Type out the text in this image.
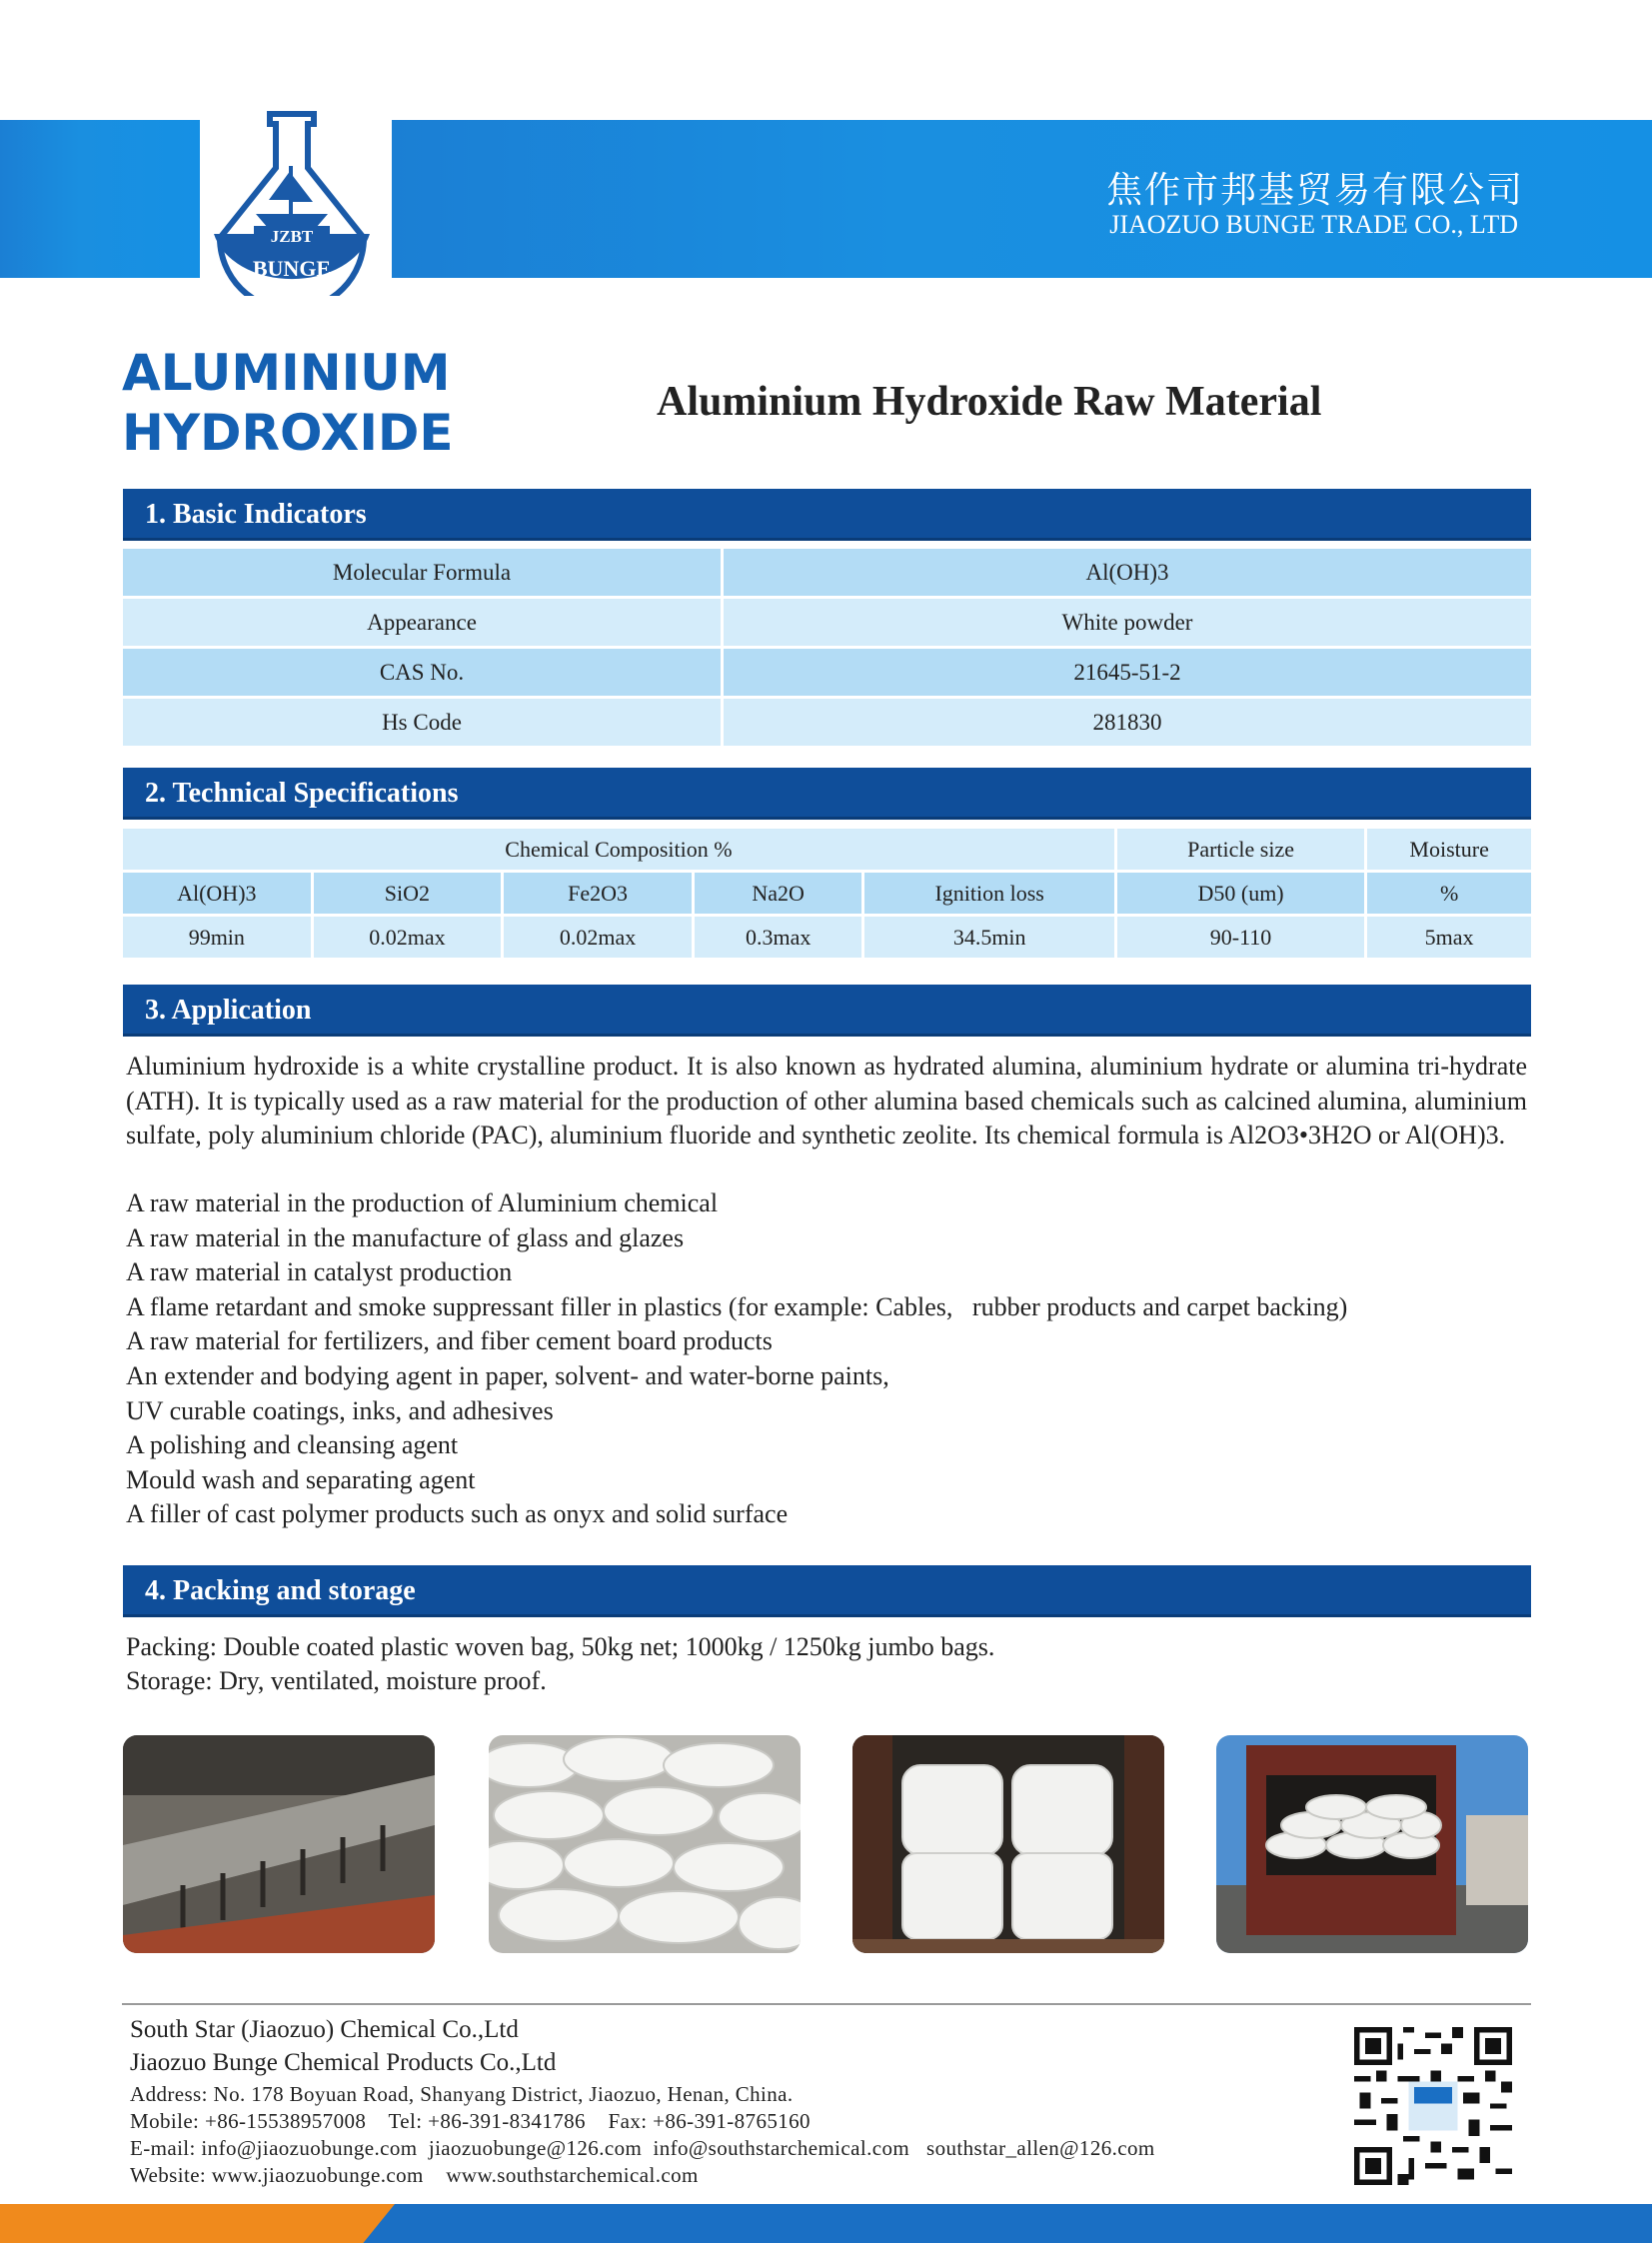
JZBT
BUNGE
焦作市邦基贸易有限公司
JIAOZUO BUNGE TRADE CO., LTD
ALUMINIUM
HYDROXIDE
Aluminium Hydroxide Raw Material
1. Basic Indicators
Molecular Formula	Al(OH)3
Appearance	White powder
CAS No.	21645-51-2
Hs Code	281830
2. Technical Specifications
Chemical Composition %					Particle size	Moisture
Al(OH)3	SiO2	Fe2O3	Na2O	Ignition loss	D50 (um)	%
99min	0.02max	0.02max	0.3max	34.5min	90-110	5max
3. Application
Aluminium hydroxide is a white crystalline product. It is also known as hydrated alumina, aluminium hydrate or alumina tri-hydrate (ATH). It is typically used as a raw material for the production of other alumina based chemicals such as calcined alumina, aluminium sulfate, poly aluminium chloride (PAC), aluminium fluoride and synthetic zeolite. Its chemical formula is Al2O3•3H2O or Al(OH)3.
A raw material in the production of Aluminium chemical
A raw material in the manufacture of glass and glazes
A raw material in catalyst production
A flame retardant and smoke suppressant filler in plastics (for example: Cables,   rubber products and carpet backing)
A raw material for fertilizers, and fiber cement board products
An extender and bodying agent in paper, solvent- and water-borne paints,
UV curable coatings, inks, and adhesives
A polishing and cleansing agent
Mould wash and separating agent
A filler of cast polymer products such as onyx and solid surface
4. Packing and storage
Packing: Double coated plastic woven bag, 50kg net; 1000kg / 1250kg jumbo bags.
Storage: Dry, ventilated, moisture proof.
South Star (Jiaozuo) Chemical Co.,Ltd
Jiaozuo Bunge Chemical Products Co.,Ltd
Address: No. 178 Boyuan Road, Shanyang District, Jiaozuo, Henan, China.
Mobile: +86-15538957008    Tel: +86-391-8341786    Fax: +86-391-8765160
E-mail: info@jiaozuobunge.com  jiaozuobunge@126.com  info@southstarchemical.com   southstar_allen@126.com
Website: www.jiaozuobunge.com    www.southstarchemical.com
